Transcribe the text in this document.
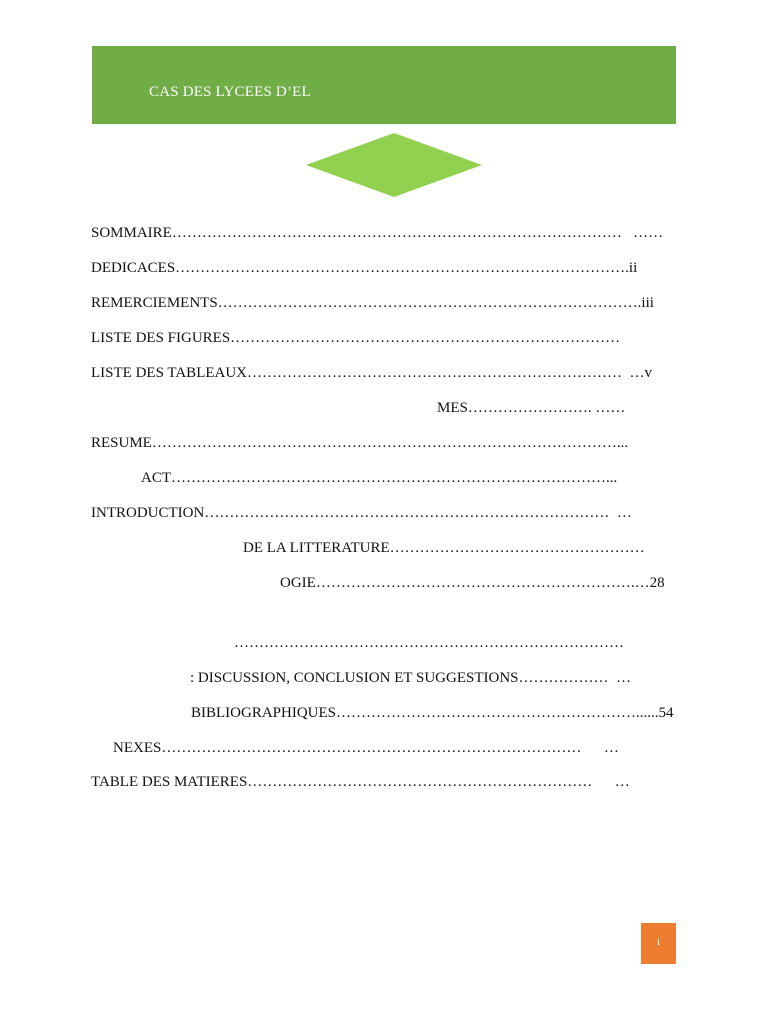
CAS DES LYCEES D’EL
SOMMAIRE………………………………………………………………………………   ……
DEDICACES……………………………………………………………………………….ii
REMERCIEMENTS………………………………………………………………………….iii
LISTE DES FIGURES……………………………………………………………………
LISTE DES TABLEAUX…………………………………………………………………  …v
MES……………………. ……
RESUME…………………………………………………………………………………...
ACT……………………………………………………………………………...
INTRODUCTION………………………………………………………………………  …
DE LA LITTERATURE……………………………………………
OGIE……………………………………………………….…28
……………………………………………………………………
: DISCUSSION, CONCLUSION ET SUGGESTIONS………………  …
BIBLIOGRAPHIQUES……………………………………………………......54
NEXES…………………………………………………………………………      …
TABLE DES MATIERES……………………………………………………………      …
i
